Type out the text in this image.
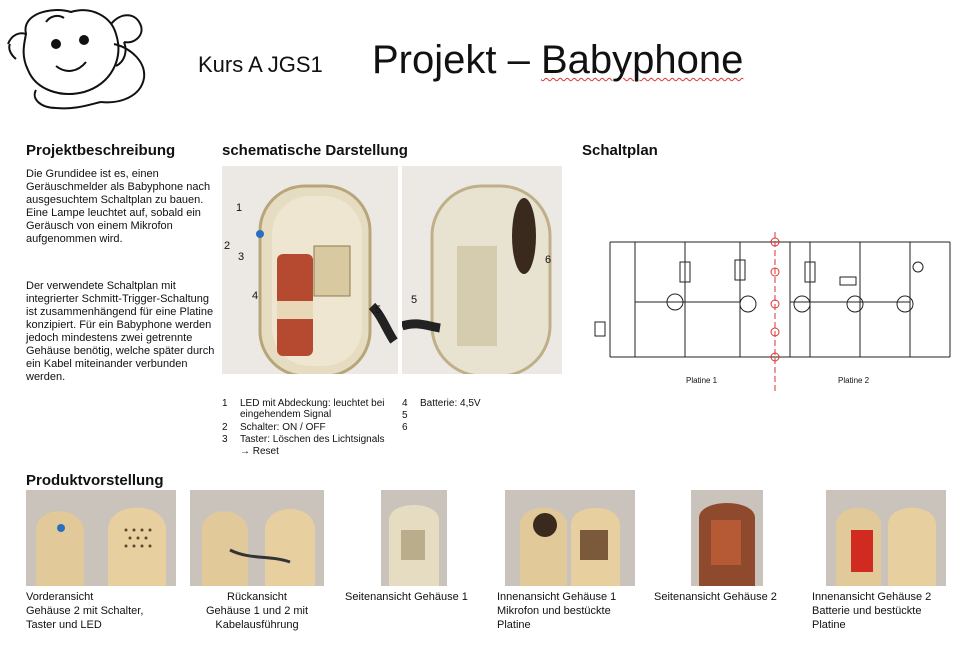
Kurs A JGS1 Projekt – Babyphone
Projektbeschreibung
Die Grundidee ist es, einen Geräuschmelder als Babyphone nach ausgesuchtem Schaltplan zu bauen. Eine Lampe leuchtet auf, sobald ein Geräusch von einem Mikrofon aufgenommen wird.
Der verwendete Schaltplan mit integrierter Schmitt-Trigger-Schaltung ist zusammenhängend für eine Platine konzipiert. Für ein Babyphone werden jedoch mindestens zwei getrennte Gehäuse benötig, welche später durch ein Kabel miteinander verbunden werden.
schematische Darstellung
1
2
3
4
5
5
6
1 LED mit Abdeckung: leuchtet bei eingehendem Signal
2 Schalter: ON / OFF
3 Taster: Löschen des Lichtsignals
→ Reset
4 Batterie: 4,5V
5
6
Schaltplan
Platine 1	Platine 2
Produktvorstellung
Vorderansicht
Gehäuse 2 mit Schalter,
Taster und LED
Rückansicht
Gehäuse 1 und 2 mit
Kabelausführung
Seitenansicht Gehäuse 1	Innenansicht Gehäuse 1
Mikrofon und bestückte
Platine
Seitenansicht Gehäuse 2	Innenansicht Gehäuse 2
Batterie und bestückte
Platine
